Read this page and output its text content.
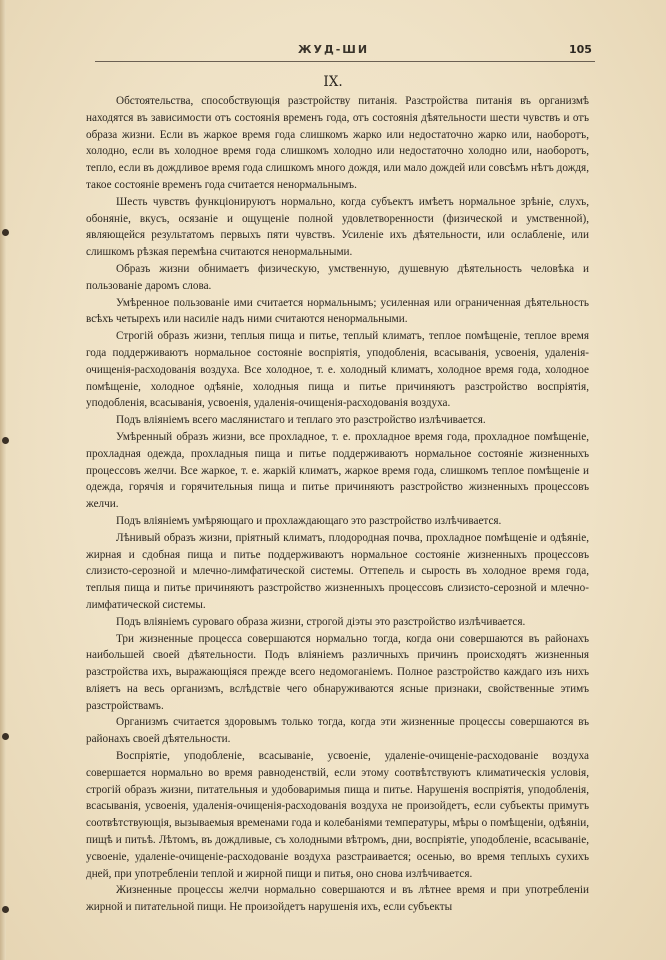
ЖУД-ШИ	105
IX.

Обстоятельства, способствующія разстройству питанія. Разстройства питанія въ организмѣ находятся въ зависимости отъ состоянія временъ года, отъ состоянія дѣятельности шести чувствъ и отъ образа жизни. Если въ жаркое время года слишкомъ жарко или недостаточно жарко или, наоборотъ, холодно, если въ холодное время года слишкомъ холодно или недостаточно холодно или, наоборотъ, тепло, если въ дождливое время года слишкомъ много дождя, или мало дождей или совсѣмъ нѣтъ дождя, такое состояніе временъ года считается ненормальнымъ.

Шесть чувствъ функціонируютъ нормально, когда субъектъ имѣетъ нормальное зрѣніе, слухъ, обоняніе, вкусъ, осязаніе и ощущеніе полной удовлетворенности (физической и умственной), являющейся результатомъ первыхъ пяти чувствъ. Усиленіе ихъ дѣятельности, или ослабленіе, или слишкомъ рѣзкая перемѣна считаются ненормальными.

Образъ жизни обнимаетъ физическую, умственную, душевную дѣятельность человѣка и пользованіе даромъ слова.

Умѣренное пользованіе ими считается нормальнымъ; усиленная или ограниченная дѣятельность всѣхъ четырехъ или насиліе надъ ними считаются ненормальными.

Строгій образъ жизни, теплыя пища и питье, теплый климатъ, теплое помѣщеніе, теплое время года поддерживаютъ нормальное состояніе воспріятія, уподобленія, всасыванія, усвоенія, удаленія-очищенія-расходованія воздуха. Все холодное, т. е. холодный климатъ, холодное время года, холодное помѣщеніе, холодное одѣяніе, холодныя пища и питье причиняютъ разстройство воспріятія, уподобленія, всасыванія, усвоенія, удаленія-очищенія-расходованія воздуха.

Подъ вліяніемъ всего маслянистаго и теплаго это разстройство излѣчивается.

Умѣренный образъ жизни, все прохладное, т. е. прохладное время года, прохладное помѣщеніе, прохладная одежда, прохладныя пища и питье поддерживаютъ нормальное состояніе жизненныхъ процессовъ желчи. Все жаркое, т. е. жаркій климатъ, жаркое время года, слишкомъ теплое помѣщеніе и одежда, горячія и горячительныя пища и питье причиняютъ разстройство жизненныхъ процессовъ желчи.

Подъ вліяніемъ умѣряющаго и прохлаждающаго это разстройство излѣчивается.

Лѣнивый образъ жизни, пріятный климатъ, плодородная почва, прохладное помѣщеніе и одѣяніе, жирная и сдобная пища и питье поддерживаютъ нормальное состояніе жизненныхъ процессовъ слизисто-серозной и млечно-лимфатической системы. Оттепель и сырость въ холодное время года, теплыя пища и питье причиняютъ разстройство жизненныхъ процессовъ слизисто-серозной и млечно-лимфатической системы.

Подъ вліяніемъ суроваго образа жизни, строгой діэты это разстройство излѣчивается.

Три жизненные процесса совершаются нормально тогда, когда они совершаются въ районахъ наибольшей своей дѣятельности. Подъ вліяніемъ различныхъ причинъ происходятъ жизненныя разстройства ихъ, выражающіяся прежде всего недомоганіемъ. Полное разстройство каждаго изъ нихъ вліяетъ на весь организмъ, вслѣдствіе чего обнаруживаются ясные признаки, свойственные этимъ разстройствамъ.

Организмъ считается здоровымъ только тогда, когда эти жизненные процессы совершаются въ районахъ своей дѣятельности.

Воспріятіе, уподобленіе, всасываніе, усвоеніе, удаленіе-очищеніе-расходованіе воздуха совершается нормально во время равноденствій, если этому соотвѣтствуютъ климатическія условія, строгій образъ жизни, питательныя и удобоваримыя пища и питье. Нарушенія воспріятія, уподобленія, всасыванія, усвоенія, удаленія-очищенія-расходованія воздуха не произойдетъ, если субъекты примутъ соотвѣтствующія, вызываемыя временами года и колебаніями температуры, мѣры о помѣщеніи, одѣяніи, пищѣ и питьѣ. Лѣтомъ, въ дождливые, съ холодными вѣтромъ, дни, воспріятіе, уподобленіе, всасываніе, усвоеніе, удаленіе-очищеніе-расходованіе воздуха разстраивается; осенью, во время теплыхъ сухихъ дней, при употребленіи теплой и жирной пищи и питья, оно снова излѣчивается.

Жизненные процессы желчи нормально совершаются и въ лѣтнее время и при употребленіи жирной и питательной пищи. Не произойдетъ нарушенія ихъ, если субъекты
